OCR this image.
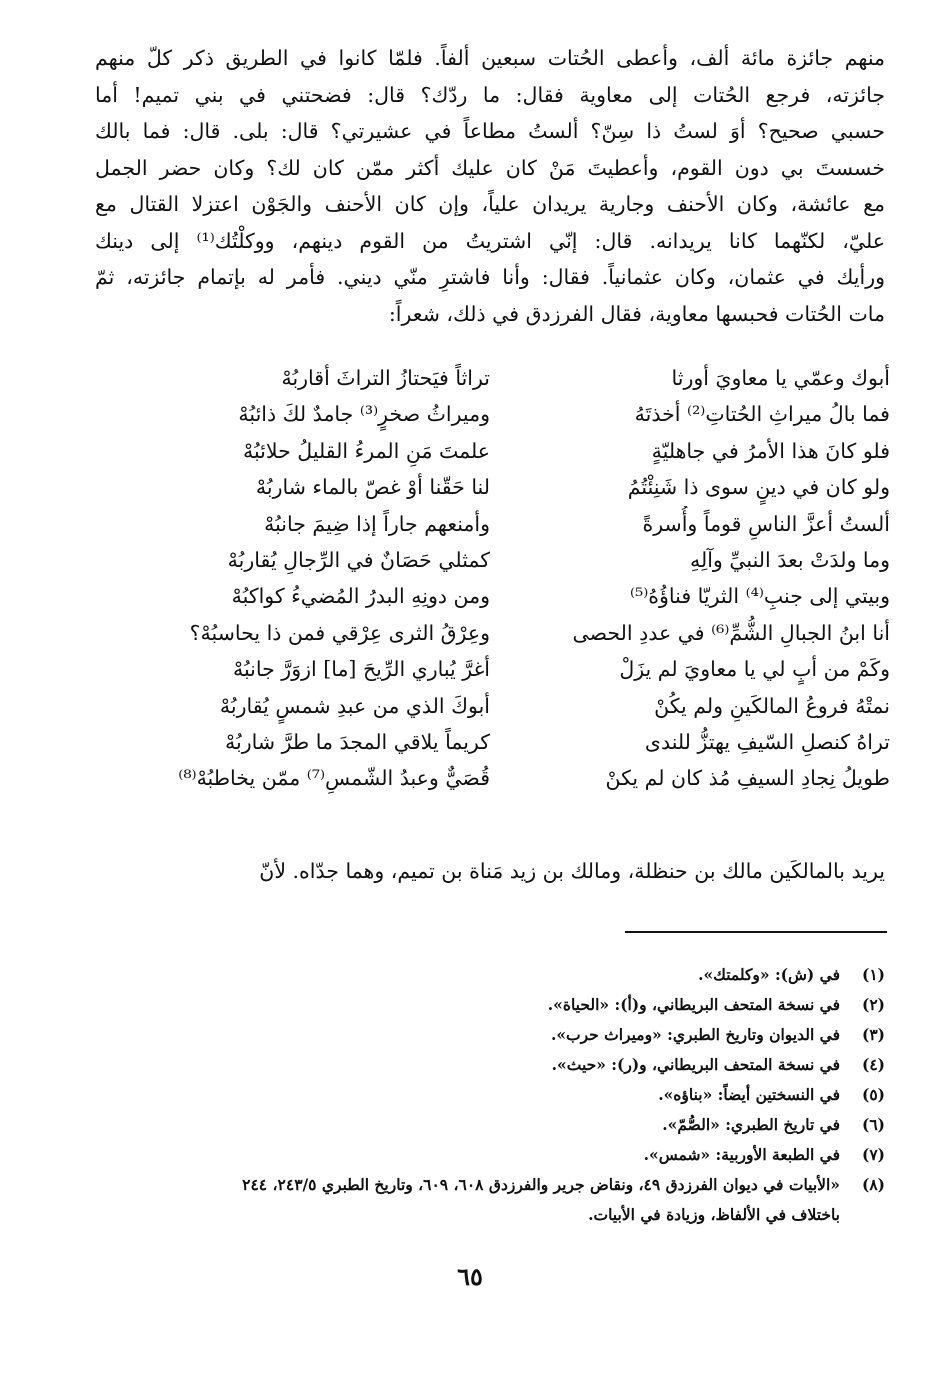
منهم جائزة مائة ألف، وأعطى الحُتات سبعين ألفاً. فلمّا كانوا في الطريق ذكر كلّ منهم
جائزته، فرجع الحُتات إلى معاوية فقال: ما ردّك؟ قال: فضحتني في بني تميم! أما
حسبي صحيح؟ أوَ لستُ ذا سِنّ؟ ألستُ مطاعاً في عشيرتي؟ قال: بلى. قال: فما بالك
خسستَ بي دون القوم، وأعطيتَ مَنْ كان عليك أكثر ممّن كان لك؟ وكان حضر الجمل
مع عائشة، وكان الأحنف وجارية يريدان علياً، وإن كان الأحنف والجَوْن اعتزلا القتال مع
عليّ، لكنّهما كانا يريدانه. قال: إنّي اشتريتُ من القوم دينهم، ووكلْتُك⁽¹⁾ إلى دينك
ورأيك في عثمان، وكان عثمانياً. فقال: وأنا فاشترِ منّي ديني. فأمر له بإتمام جائزته، ثمّ
مات الحُتات فحبسها معاوية، فقال الفرزدق في ذلك، شعراً:
أبوك وعمّي يا معاويَ أورثا
تراثاً فيَحتازُ التراثَ أقاربُهْ
فما بالُ ميراثِ الحُتاتِ⁽²⁾ أخذتَهُ
وميراثُ صخرٍ⁽³⁾ جامدٌ لكَ ذائبُهْ
فلو كانَ هذا الأمرُ في جاهليّةٍ
علمتَ مَنِ المرءُ القليلُ حلائبُهْ
ولو كان في دينٍ سوى ذا شَنِئْتُمُ
لنا حَقّنا أوْ غصّ بالماء شاربُهْ
ألستُ أعزَّ الناسِ قوماً وأُسرةً
وأمنعهم جاراً إذا ضِيمَ جانبُهْ
وما ولدَتْ بعدَ النبيِّ وآلِهِ
كمثلي حَصَانٌ في الرِّجالِ يُقاربُهْ
وبيتي إلى جنبِ⁽⁴⁾ الثريّا فناؤُهُ⁽⁵⁾
ومن دونِهِ البدرُ المُضيءُ كواكبُهْ
أنا ابنُ الجبالِ الشُّمِّ⁽⁶⁾ في عددِ الحصى
وعِرْقُ الثرى عِرْقي فمن ذا يحاسبُهْ؟
وكَمْ من أبٍ لي يا معاويَ لم يزَلْ
أغرَّ يُباري الرِّيحَ [ما] ازوَرَّ جانبُهْ
نمتْهُ فروعُ المالكَينِ ولم يكُنْ
أبوكَ الذي من عبدِ شمسٍ يُقاربُهْ
تراهُ كنصلِ السّيفِ يهتزُّ للندى
كريماً يلاقي المجدَ ما طرَّ شاربُهْ
طويلُ نِجادِ السيفِ مُذ كان لم يكنْ
قُصَيٌّ وعبدُ الشّمسِ⁽⁷⁾ ممّن يخاطبُهْ⁽⁸⁾
يريد بالمالكَين مالك بن حنظلة، ومالك بن زيد مَناة بن تميم، وهما جدّاه. لأنّ
(١)
في (ش): «وكلمتك».
(٢)
في نسخة المتحف البريطاني، و(أ): «الحياة».
(٣)
في الديوان وتاريخ الطبري: «وميراث حرب».
(٤)
في نسخة المتحف البريطاني، و(ر): «حيث».
(٥)
في النسختين أيضاً: «بناؤه».
(٦)
في تاريخ الطبري: «الصُّمّ».
(٧)
في الطبعة الأوربية: «شمس».
(٨)
«الأبيات في ديوان الفرزدق ٤٩، ونقاض جرير والفرزدق ٦٠٨، ٦٠٩، وتاريخ الطبري ٢٤٣/٥، ٢٤٤
باختلاف في الألفاظ، وزيادة في الأبيات.
٦٥
